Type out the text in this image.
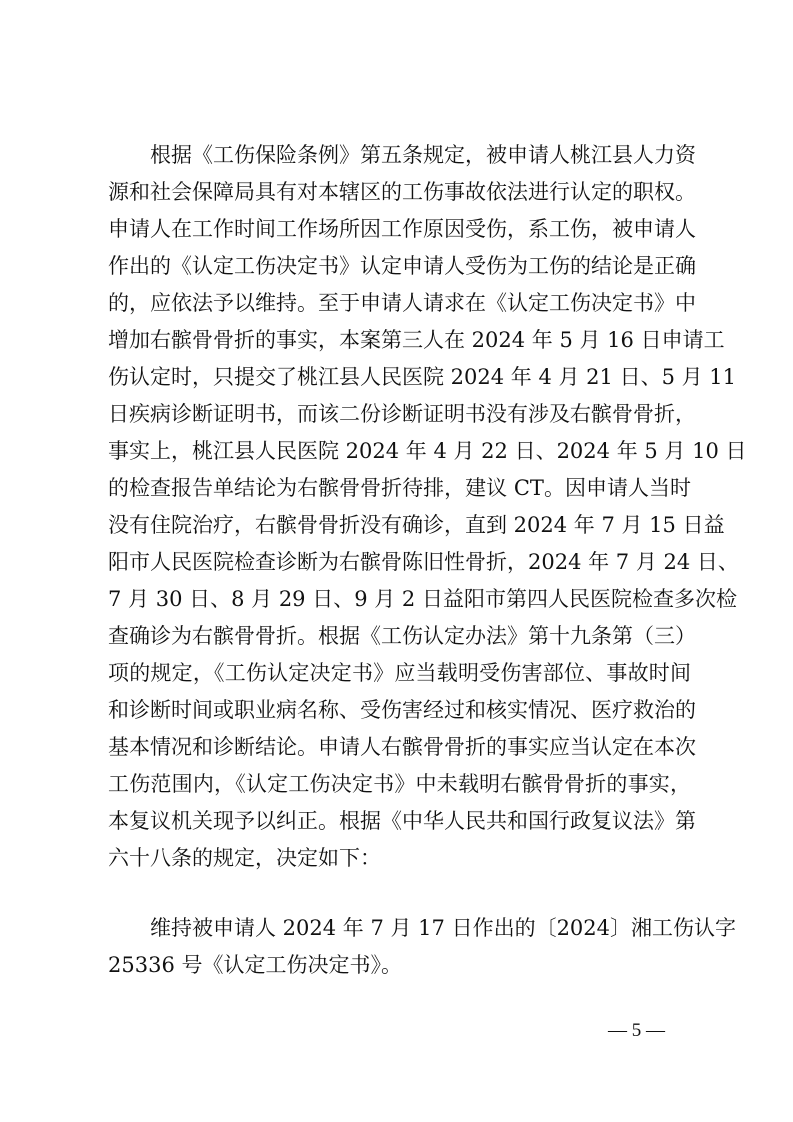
根据《工伤保险条例》第五条规定，被申请人桃江县人力资
源和社会保障局具有对本辖区的工伤事故依法进行认定的职权。
申请人在工作时间工作场所因工作原因受伤，系工伤，被申请人
作出的《认定工伤决定书》认定申请人受伤为工伤的结论是正确
的，应依法予以维持。至于申请人请求在《认定工伤决定书》中
增加右髌骨骨折的事实，本案第三人在 2024 年 5 月 16 日申请工
伤认定时，只提交了桃江县人民医院 2024 年 4 月 21 日、5 月 11
日疾病诊断证明书，而该二份诊断证明书没有涉及右髌骨骨折，
事实上，桃江县人民医院 2024 年 4 月 22 日、2024 年 5 月 10 日
的检查报告单结论为右髌骨骨折待排，建议 CT。因申请人当时
没有住院治疗，右髌骨骨折没有确诊，直到 2024 年 7 月 15 日益
阳市人民医院检查诊断为右髌骨陈旧性骨折，2024 年 7 月 24 日、
7 月 30 日、8 月 29 日、9 月 2 日益阳市第四人民医院检查多次检
查确诊为右髌骨骨折。根据《工伤认定办法》第十九条第（三）
项的规定，《工伤认定决定书》应当载明受伤害部位、事故时间
和诊断时间或职业病名称、受伤害经过和核实情况、医疗救治的
基本情况和诊断结论。申请人右髌骨骨折的事实应当认定在本次
工伤范围内，《认定工伤决定书》中未载明右髌骨骨折的事实，
本复议机关现予以纠正。根据《中华人民共和国行政复议法》第
六十八条的规定，决定如下：
维持被申请人 2024 年 7 月 17 日作出的〔2024〕湘工伤认字
25336 号《认定工伤决定书》。
— 5 —
